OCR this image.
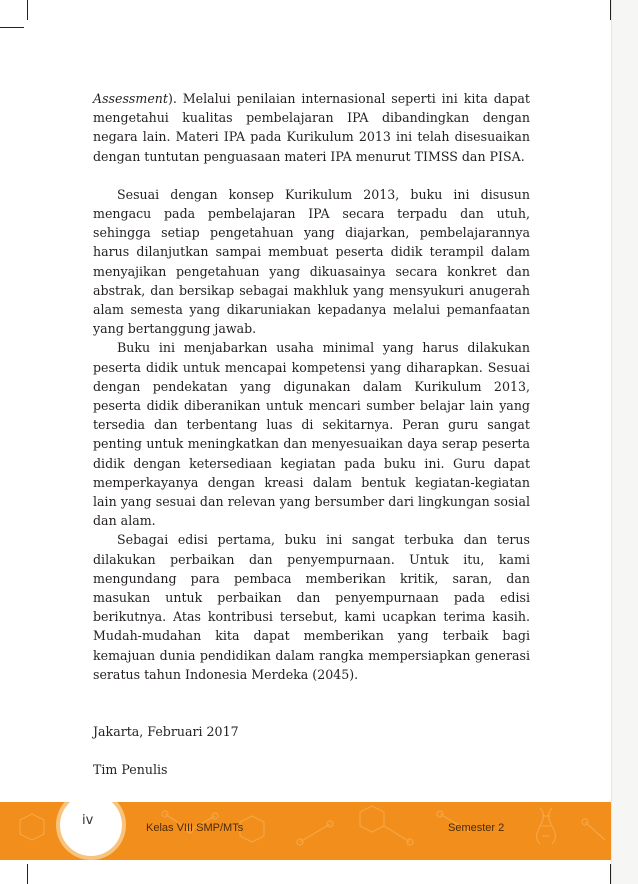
Assessment). Melalui penilaian internasional seperti ini kita dapat mengetahui kualitas pembelajaran IPA dibandingkan dengan negara lain. Materi IPA pada Kurikulum 2013 ini telah disesuaikan dengan tuntutan penguasaan materi IPA menurut TIMSS dan PISA.

Sesuai dengan konsep Kurikulum 2013, buku ini disusun mengacu pada pembelajaran IPA secara terpadu dan utuh, sehingga setiap pengetahuan yang diajarkan, pembelajarannya harus dilanjutkan sampai membuat peserta didik terampil dalam menyajikan pengetahuan yang dikuasainya secara konkret dan abstrak, dan bersikap sebagai makhluk yang mensyukuri anugerah alam semesta yang dikaruniakan kepadanya melalui pemanfaatan yang bertanggung jawab.

Buku ini menjabarkan usaha minimal yang harus dilakukan peserta didik untuk mencapai kompetensi yang diharapkan. Sesuai dengan pendekatan yang digunakan dalam Kurikulum 2013, peserta didik diberanikan untuk mencari sumber belajar lain yang tersedia dan terbentang luas di sekitarnya. Peran guru sangat penting untuk meningkatkan dan menyesuaikan daya serap peserta didik dengan ketersediaan kegiatan pada buku ini. Guru dapat memperkayanya dengan kreasi dalam bentuk kegiatan-kegiatan lain yang sesuai dan relevan yang bersumber dari lingkungan sosial dan alam.

Sebagai edisi pertama, buku ini sangat terbuka dan terus dilakukan perbaikan dan penyempurnaan. Untuk itu, kami mengundang para pembaca memberikan kritik, saran, dan masukan untuk perbaikan dan penyempurnaan pada edisi berikutnya. Atas kontribusi tersebut, kami ucapkan terima kasih. Mudah-mudahan kita dapat memberikan yang terbaik bagi kemajuan dunia pendidikan dalam rangka mempersiapkan generasi seratus tahun Indonesia Merdeka (2045).

Jakarta, Februari 2017

Tim Penulis

iv	Kelas VIII SMP/MTs	Semester 2
